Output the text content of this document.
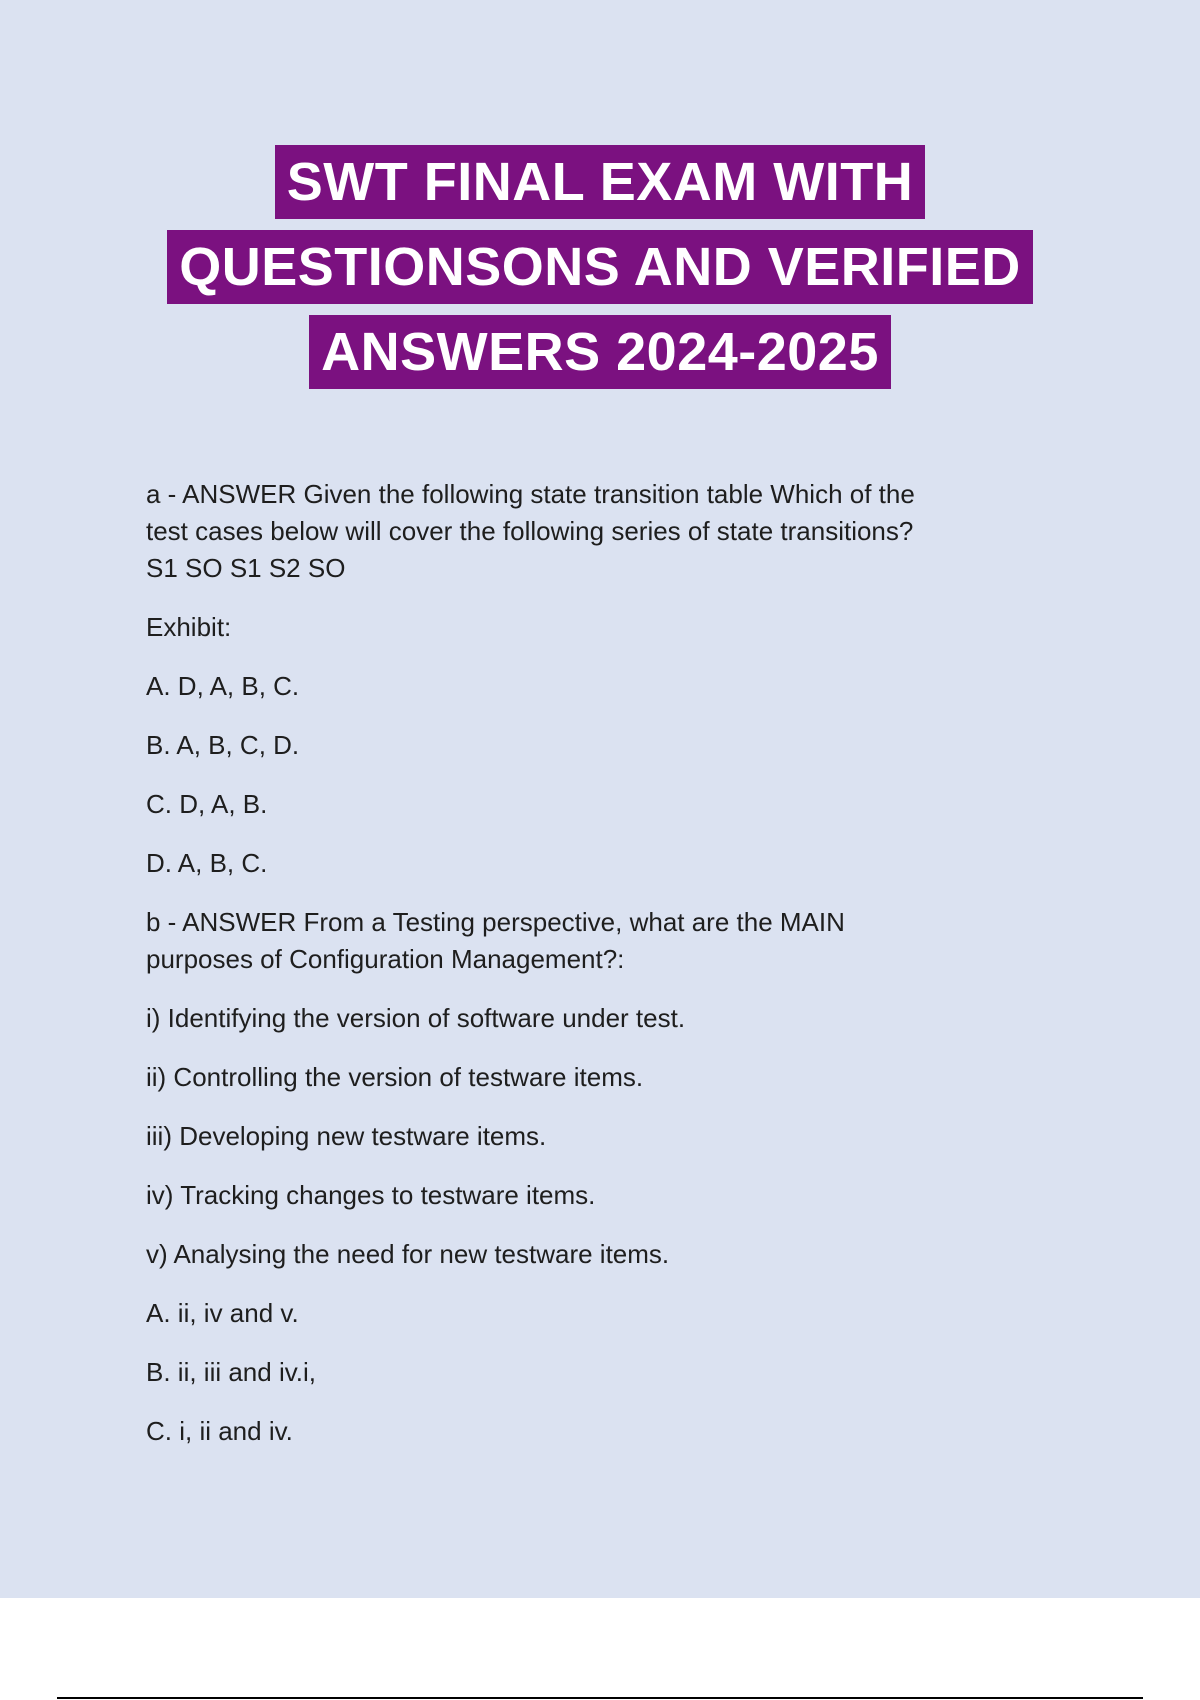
SWT FINAL EXAM WITH
QUESTIONSONS AND VERIFIED
ANSWERS 2024-2025

a - ANSWER Given the following state transition table Which of the
test cases below will cover the following series of state transitions?
S1 SO S1 S2 SO

Exhibit:

A. D, A, B, C.

B. A, B, C, D.

C. D, A, B.

D. A, B, C.

b - ANSWER From a Testing perspective, what are the MAIN
purposes of Configuration Management?:

i) Identifying the version of software under test.

ii) Controlling the version of testware items.

iii) Developing new testware items.

iv) Tracking changes to testware items.

v) Analysing the need for new testware items.

A. ii, iv and v.

B. ii, iii and iv.i,

C. i, ii and iv.
